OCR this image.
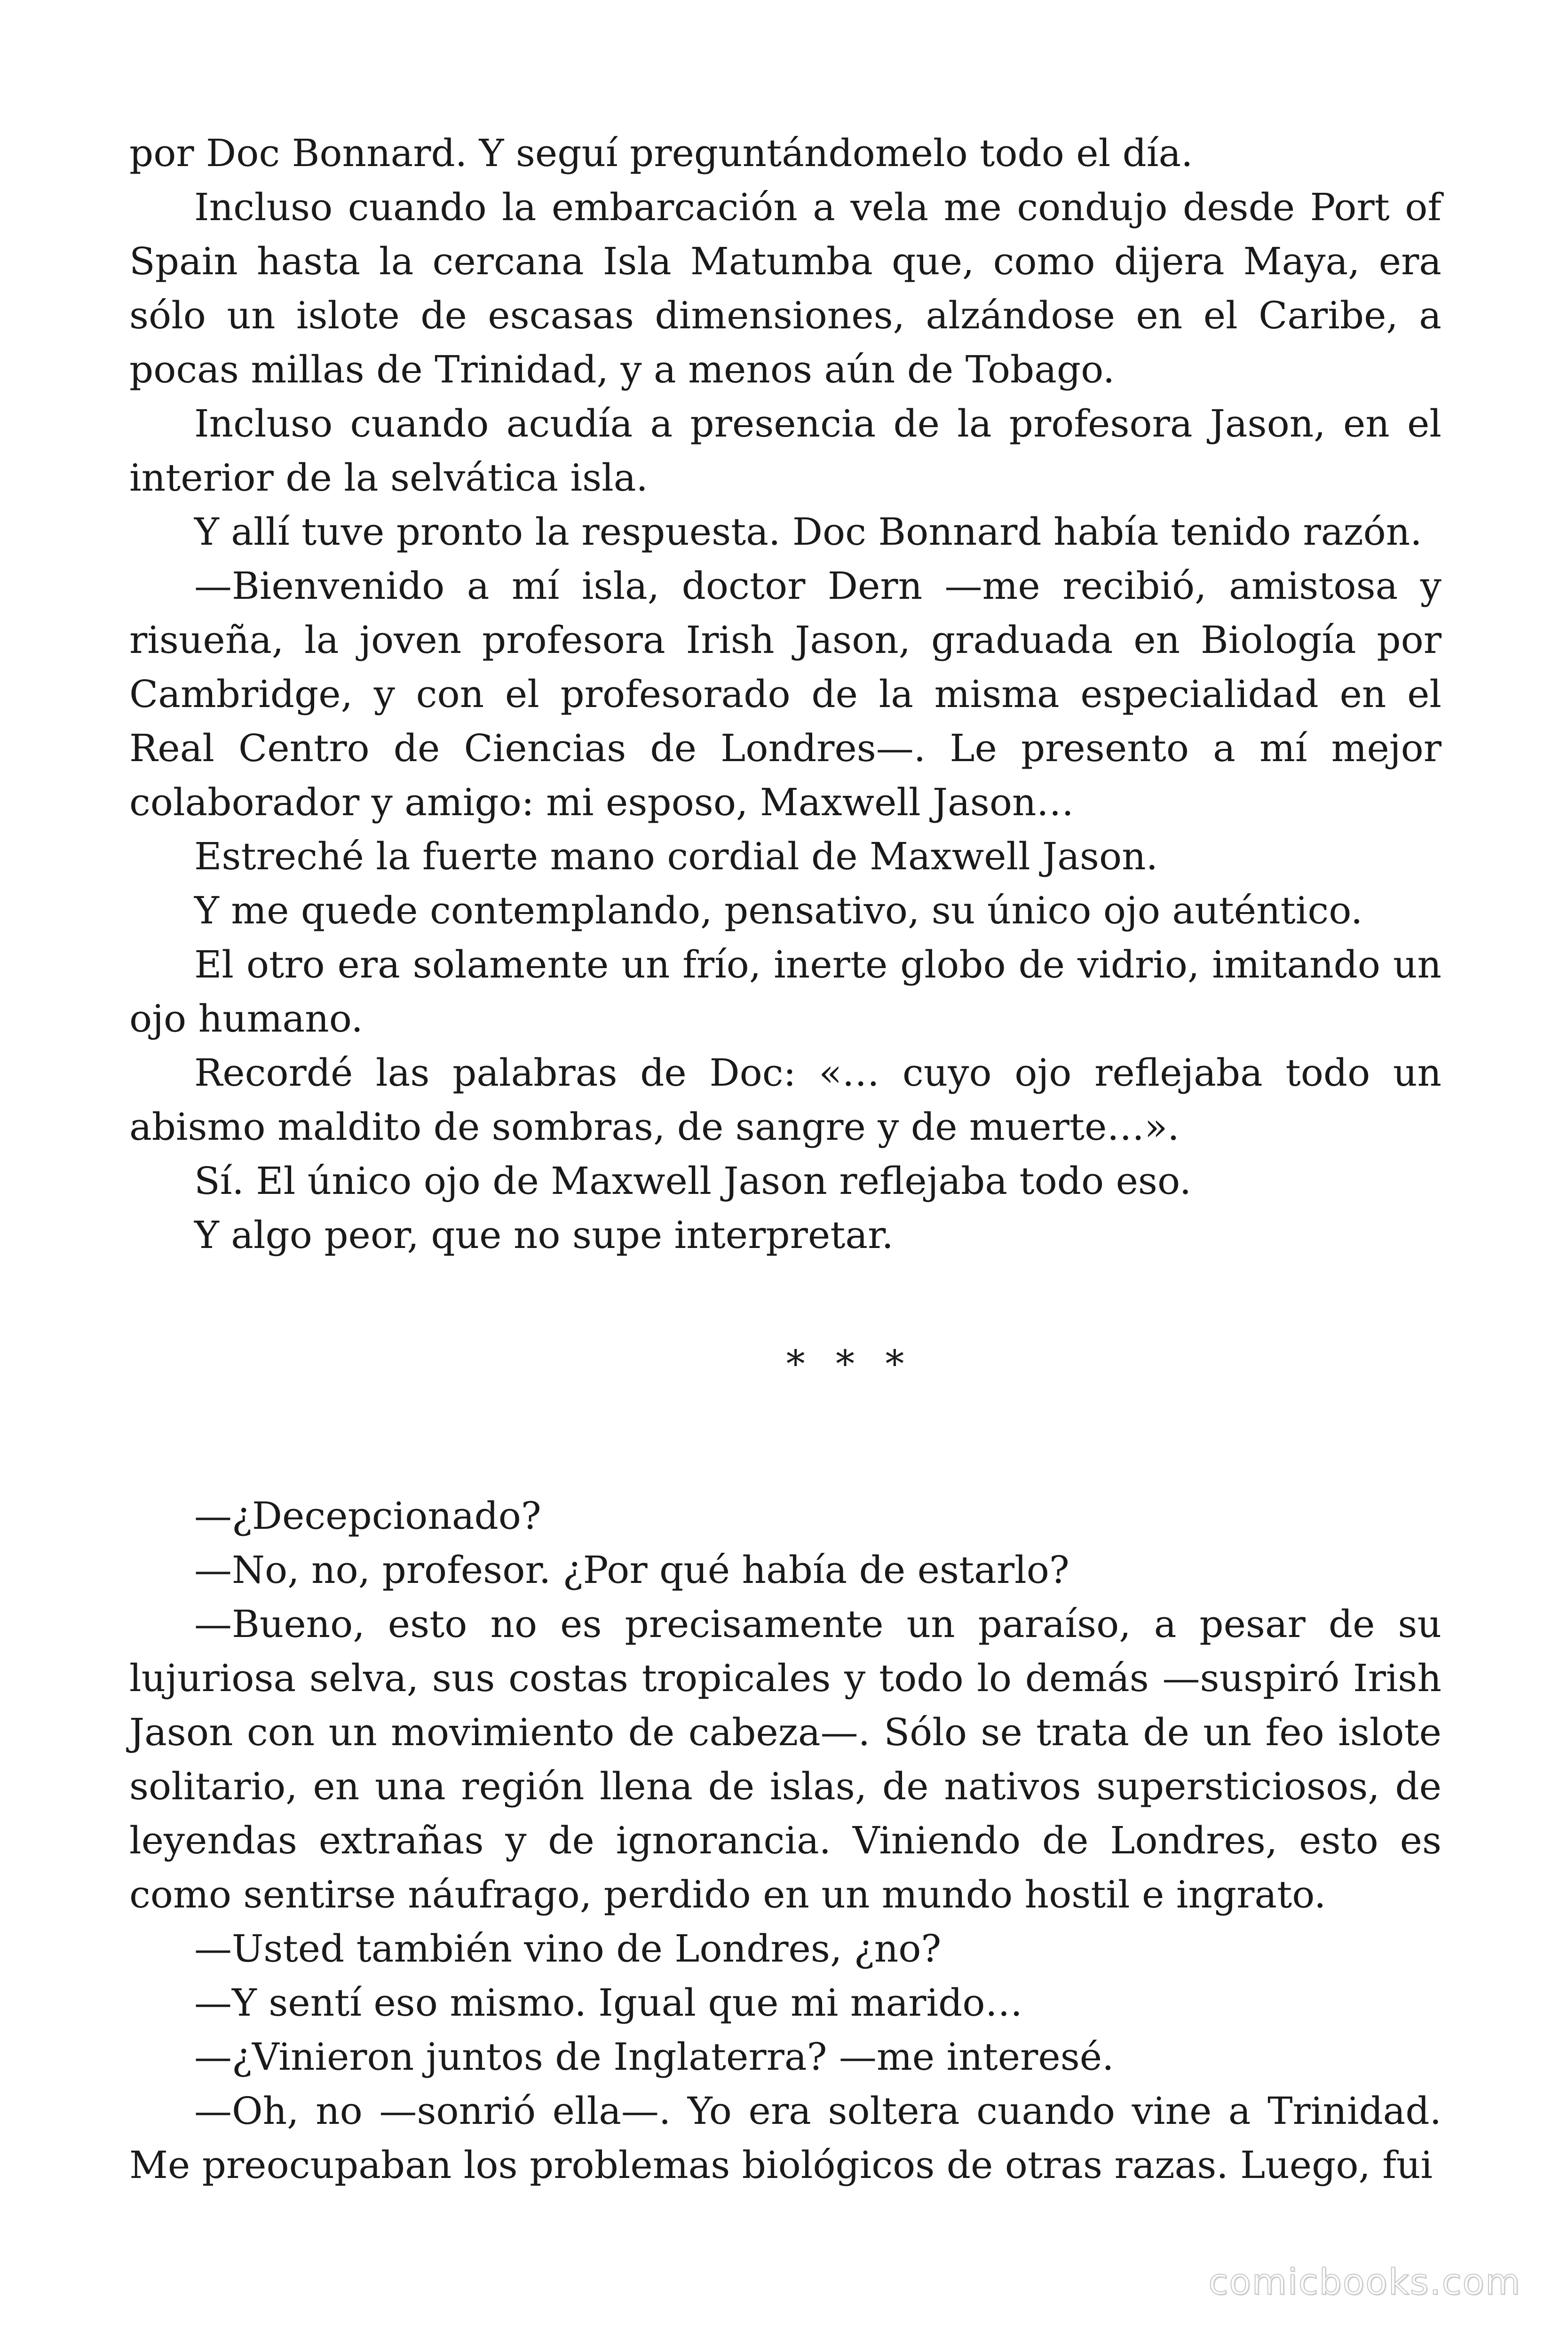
por Doc Bonnard. Y seguí preguntándomelo todo el día.

Incluso cuando la embarcación a vela me condujo desde Port of Spain hasta la cercana Isla Matumba que, como dijera Maya, era sólo un islote de escasas dimensiones, alzándose en el Caribe, a pocas millas de Trinidad, y a menos aún de Tobago.

Incluso cuando acudía a presencia de la profesora Jason, en el interior de la selvática isla.

Y allí tuve pronto la respuesta. Doc Bonnard había tenido razón.

—Bienvenido a mí isla, doctor Dern —me recibió, amistosa y risueña, la joven profesora Irish Jason, graduada en Biología por Cambridge, y con el profesorado de la misma especialidad en el Real Centro de Ciencias de Londres—. Le presento a mí mejor colaborador y amigo: mi esposo, Maxwell Jason…

Estreché la fuerte mano cordial de Maxwell Jason.

Y me quede contemplando, pensativo, su único ojo auténtico.

El otro era solamente un frío, inerte globo de vidrio, imitando un ojo humano.

Recordé las palabras de Doc: «… cuyo ojo reflejaba todo un abismo maldito de sombras, de sangre y de muerte…».

Sí. El único ojo de Maxwell Jason reflejaba todo eso.

Y algo peor, que no supe interpretar.

* * *

—¿Decepcionado?

—No, no, profesor. ¿Por qué había de estarlo?

—Bueno, esto no es precisamente un paraíso, a pesar de su lujuriosa selva, sus costas tropicales y todo lo demás —suspiró Irish Jason con un movimiento de cabeza—. Sólo se trata de un feo islote solitario, en una región llena de islas, de nativos supersticiosos, de leyendas extrañas y de ignorancia. Viniendo de Londres, esto es como sentirse náufrago, perdido en un mundo hostil e ingrato.

—Usted también vino de Londres, ¿no?

—Y sentí eso mismo. Igual que mi marido…

—¿Vinieron juntos de Inglaterra? —me interesé.

—Oh, no —sonrió ella—. Yo era soltera cuando vine a Trinidad. Me preocupaban los problemas biológicos de otras razas. Luego, fui

comicbooks.com
